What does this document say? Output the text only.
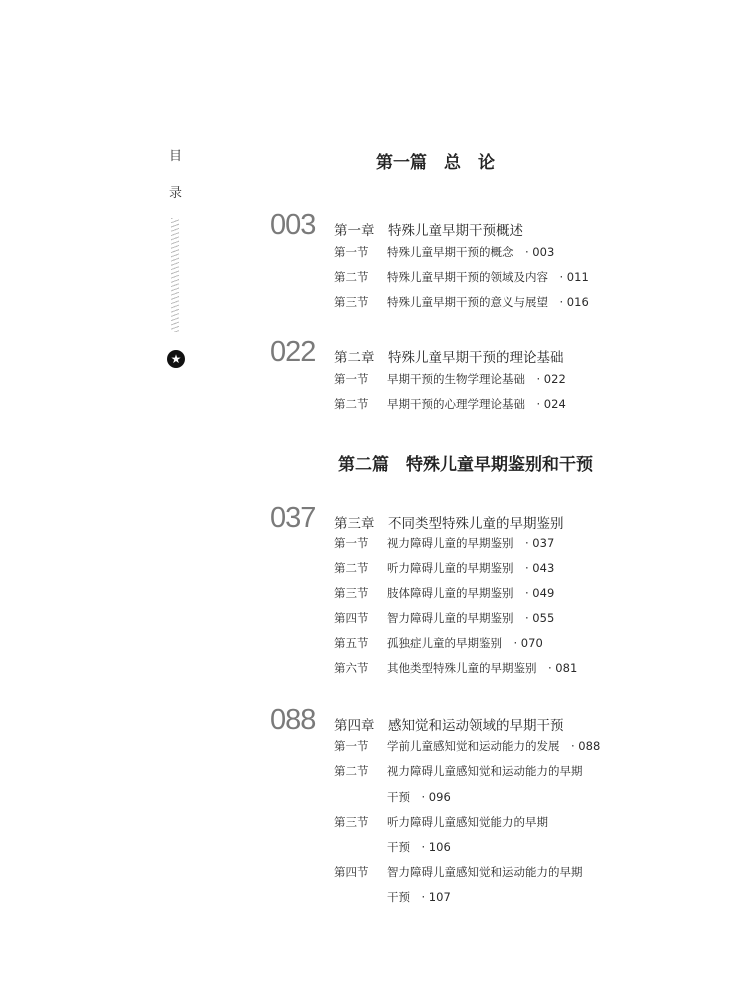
目
录
★
第一篇　总　论
003 第一章　特殊儿童早期干预概述
第一节 特殊儿童早期干预的概念　· 003
第二节 特殊儿童早期干预的领域及内容　· 011
第三节 特殊儿童早期干预的意义与展望　· 016
022 第二章　特殊儿童早期干预的理论基础
第一节 早期干预的生物学理论基础　· 022
第二节 早期干预的心理学理论基础　· 024
第二篇　特殊儿童早期鉴别和干预
037 第三章　不同类型特殊儿童的早期鉴别
第一节 视力障碍儿童的早期鉴别　· 037
第二节 听力障碍儿童的早期鉴别　· 043
第三节 肢体障碍儿童的早期鉴别　· 049
第四节 智力障碍儿童的早期鉴别　· 055
第五节 孤独症儿童的早期鉴别　· 070
第六节 其他类型特殊儿童的早期鉴别　· 081
088 第四章　感知觉和运动领域的早期干预
第一节 学前儿童感知觉和运动能力的发展　· 088
第二节 视力障碍儿童感知觉和运动能力的早期
干预　· 096
第三节 听力障碍儿童感知觉能力的早期
干预　· 106
第四节 智力障碍儿童感知觉和运动能力的早期
干预　· 107
